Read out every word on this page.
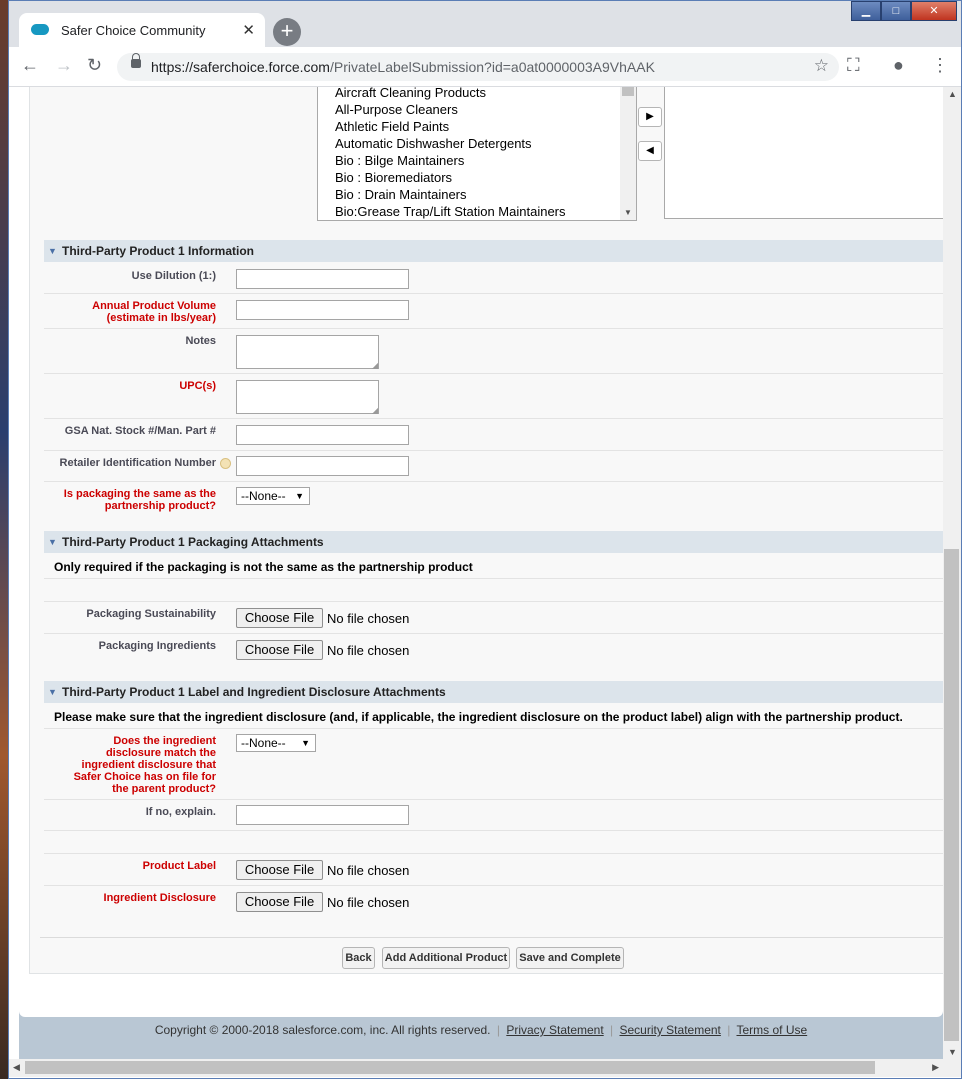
Safer Choice Community ✕	+
▁	□	✕
← → ↻	https://saferchoice.force.com/PrivateLabelSubmission?id=a0at0000003A9VhAAK	☆ ⛶ ● ⋮
Aircraft Cleaning Products
All-Purpose Cleaners
Athletic Field Paints
Automatic Dishwasher Detergents
Bio : Bilge Maintainers
Bio : Bioremediators
Bio : Drain Maintainers
Bio:Grease Trap/Lift Station Maintainers	▼
▶
◀
▼ Third-Party Product 1 Information
Use Dilution (1:)
Annual Product Volume (estimate in lbs/year)
Notes
◢
UPC(s)
◢
GSA Nat. Stock #/Man. Part #
Retailer Identification Number
Is packaging the same as the partnership product?
--None-- ▼
▼ Third-Party Product 1 Packaging Attachments
Only required if the packaging is not the same as the partnership product
Packaging Sustainability	Choose File No file chosen
Packaging Ingredients	Choose File No file chosen
▼ Third-Party Product 1 Label and Ingredient Disclosure Attachments
Please make sure that the ingredient disclosure (and, if applicable, the ingredient disclosure on the product label) align with the partnership product.
Does the ingredient disclosure match the ingredient disclosure that Safer Choice has on file for the parent product?
--None-- ▼
If no, explain.
Product Label	Choose File No file chosen
Ingredient Disclosure	Choose File No file chosen
Back	Add Additional Product Save and Complete
Copyright © 2000-2018 salesforce.com, inc. All rights reserved. | Privacy Statement | Security Statement | Terms of Use
▲
▼
◀	▶
